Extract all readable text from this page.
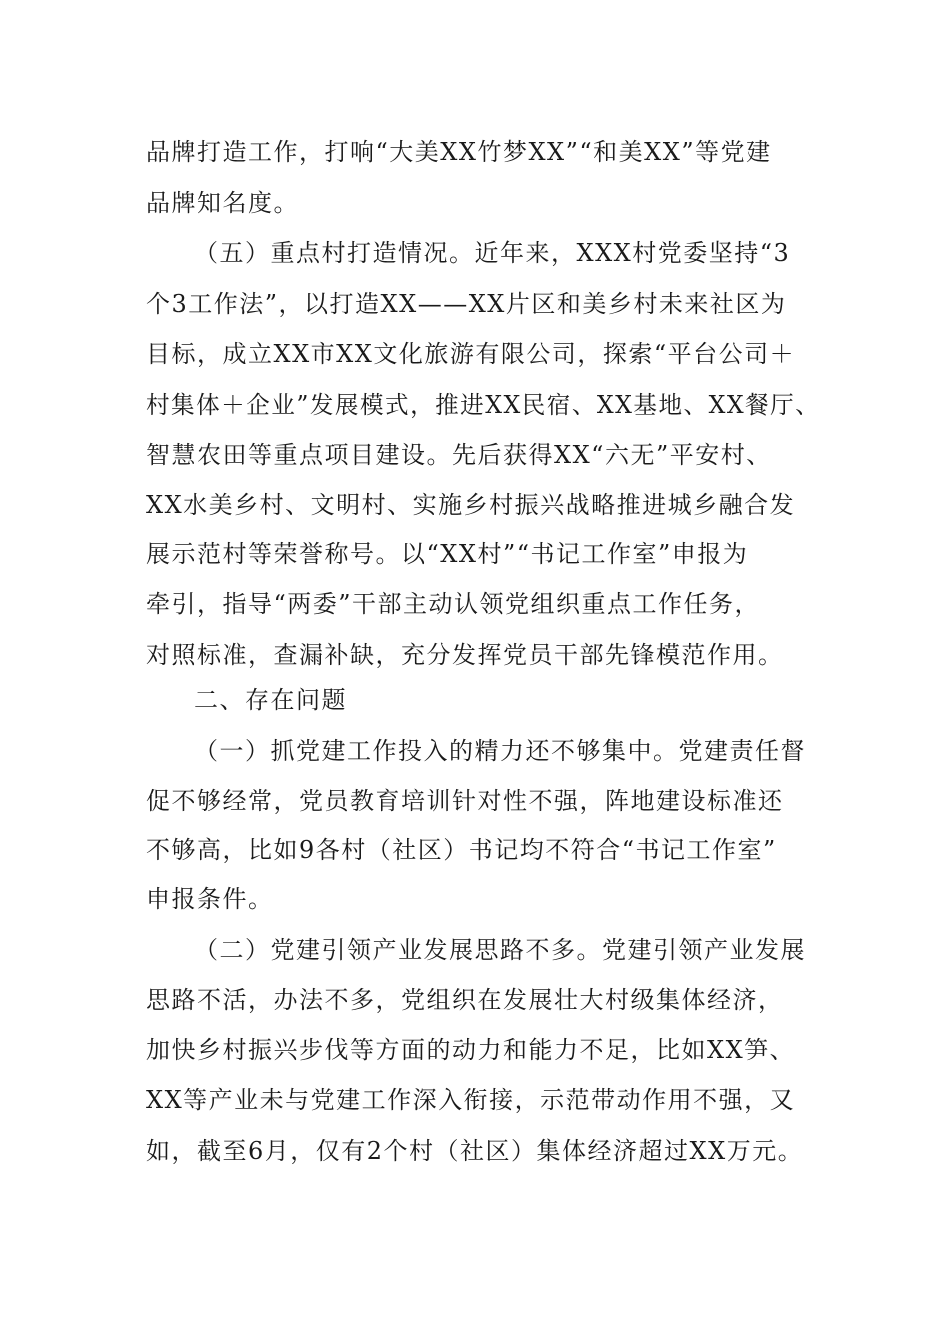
品牌打造工作，打响“大美XX竹梦XX”“和美XX”等党建
品牌知名度。
（五）重点村打造情况。近年来，XXX村党委坚持“3
个3工作法”，以打造XX——XX片区和美乡村未来社区为
目标，成立XX市XX文化旅游有限公司，探索“平台公司＋
村集体＋企业”发展模式，推进XX民宿、XX基地、XX餐厅、
智慧农田等重点项目建设。先后获得XX“六无”平安村、
XX水美乡村、文明村、实施乡村振兴战略推进城乡融合发
展示范村等荣誉称号。以“XX村”“书记工作室”申报为
牵引，指导“两委”干部主动认领党组织重点工作任务，
对照标准，查漏补缺，充分发挥党员干部先锋模范作用。
二、存在问题
（一）抓党建工作投入的精力还不够集中。党建责任督
促不够经常，党员教育培训针对性不强，阵地建设标准还
不够高，比如9各村（社区）书记均不符合“书记工作室”
申报条件。
（二）党建引领产业发展思路不多。党建引领产业发展
思路不活，办法不多，党组织在发展壮大村级集体经济，
加快乡村振兴步伐等方面的动力和能力不足，比如XX笋、
XX等产业未与党建工作深入衔接，示范带动作用不强，又
如，截至6月，仅有2个村（社区）集体经济超过XX万元。
